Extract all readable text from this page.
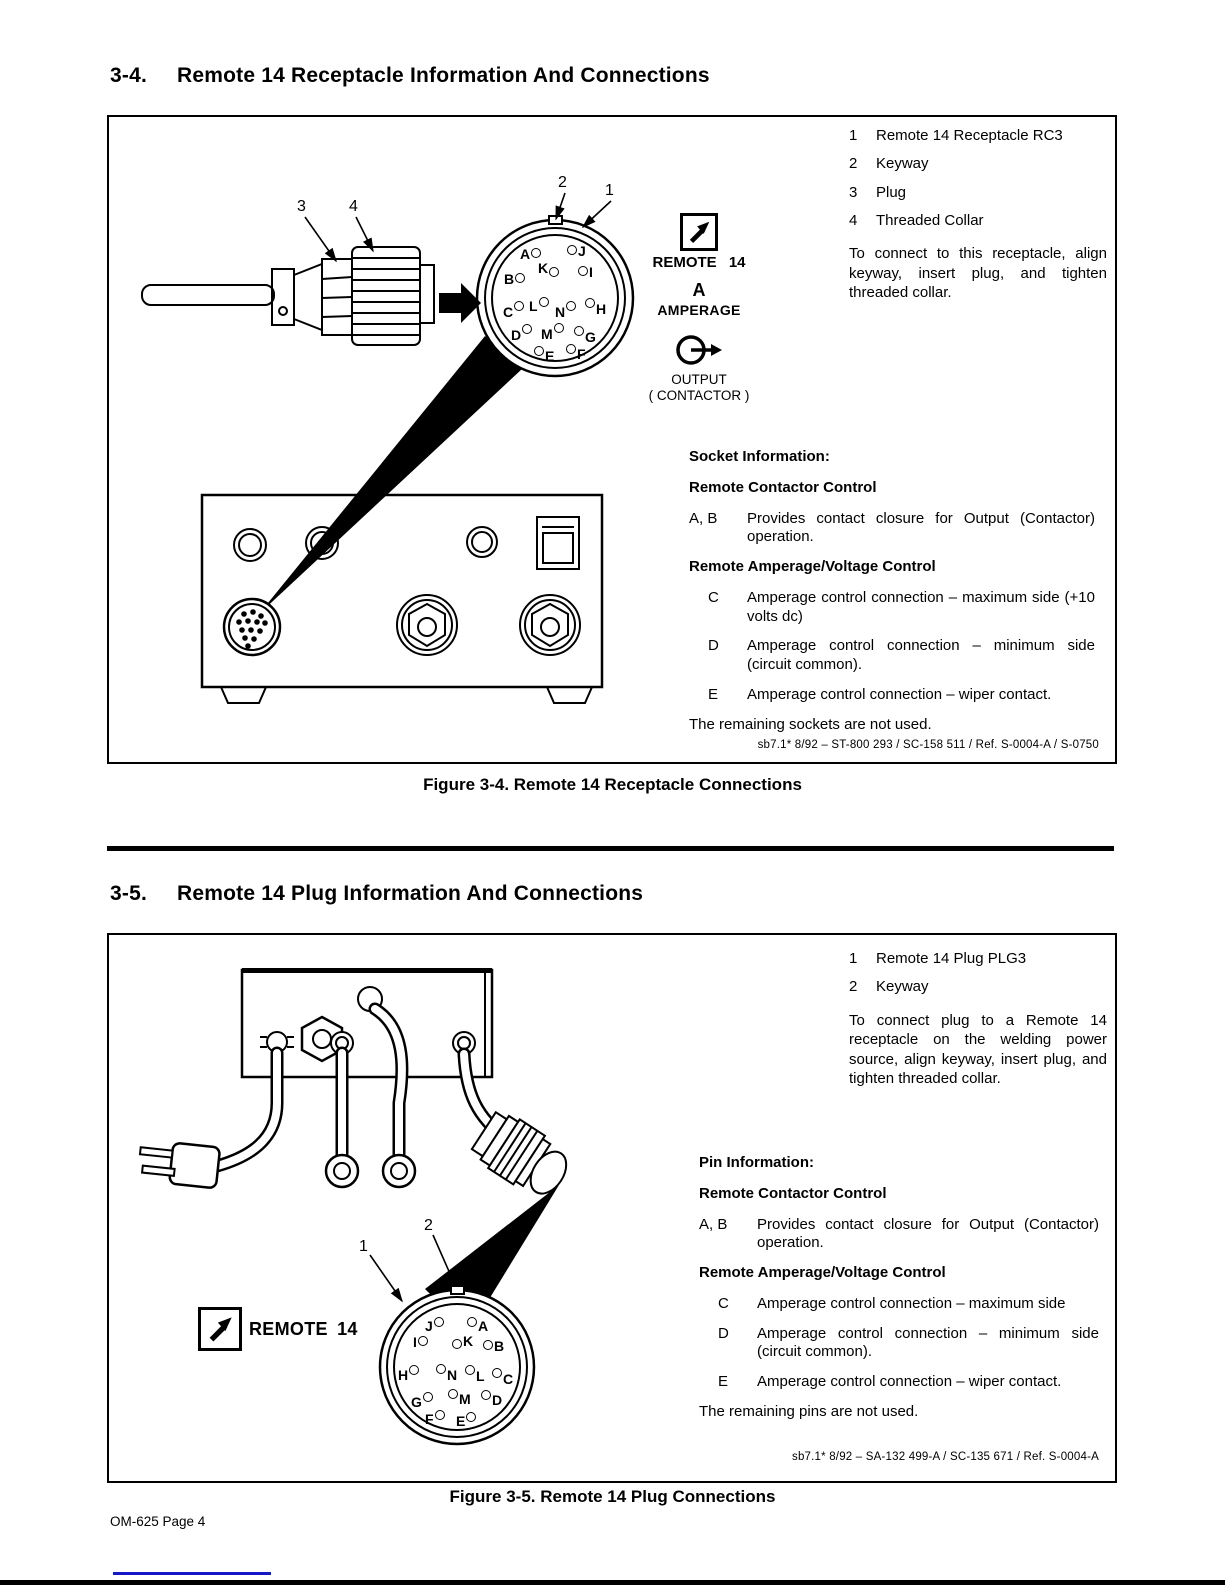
3-4. Remote 14 Receptacle Information And Connections
3	4
2 1
A	J
K
B	I
C	L	N	H
D	M	G
E	F
REMOTE 14
A
AMPERAGE
OUTPUT
( CONTACTOR )
1	Remote 14 Receptacle RC3
2	Keyway
3	Plug
4	Threaded Collar
To connect to this receptacle, align keyway, insert plug, and tighten threaded collar.
Socket Information:
Remote Contactor Control
A, B	Provides contact closure for Output (Contactor) operation.
Remote Amperage/Voltage Control
C	Amperage control connection – maximum side (+10 volts dc)
D	Amperage control connection – minimum side (circuit common).
E	Amperage control connection – wiper contact.
The remaining sockets are not used.
sb7.1* 8/92 – ST-800 293 / SC-158 511 / Ref. S-0004-A / S-0750
Figure 3-4. Remote 14 Receptacle Connections
3-5. Remote 14 Plug Information And Connections
1
2
REMOTE 14	J	A
I	K	B
H	N	L	C
G	M	D
F	E
1	Remote 14 Plug PLG3
2	Keyway
To connect plug to a Remote 14 receptacle on the welding power source, align keyway, insert plug, and tighten threaded collar.
Pin Information:
Remote Contactor Control
A, B	Provides contact closure for Output (Contactor) operation.
Remote Amperage/Voltage Control
C	Amperage control connection – maximum side
D	Amperage control connection – minimum side (circuit common).
E	Amperage control connection – wiper contact.
The remaining pins are not used.
sb7.1* 8/92 – SA-132 499-A / SC-135 671 / Ref. S-0004-A
Figure 3-5. Remote 14 Plug Connections
OM-625 Page 4
